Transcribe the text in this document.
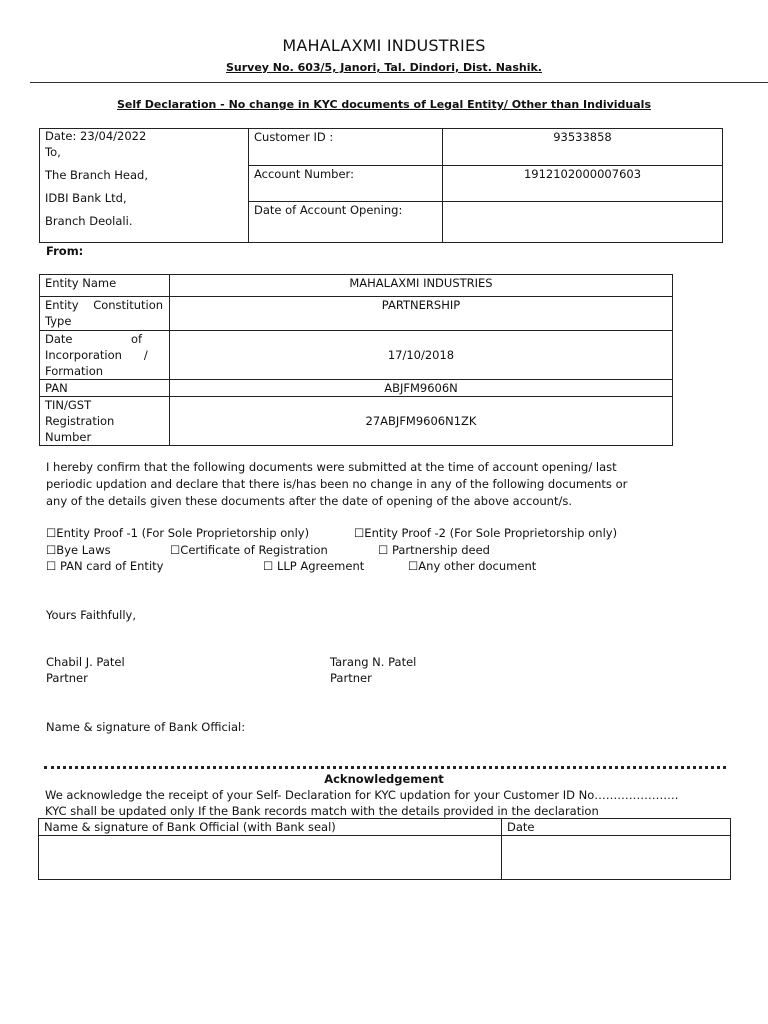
MAHALAXMI INDUSTRIES
Survey No. 603/5, Janori, Tal. Dindori, Dist. Nashik.
Self Declaration - No change in KYC documents of Legal Entity/ Other than Individuals
Date: 23/04/2022
To,
The Branch Head,
IDBI Bank Ltd,
Branch Deolali.	Customer ID :	93533858
	Account Number:	1912102000007603
	Date of Account Opening:	
From:
Entity Name	MAHALAXMI INDUSTRIES
Entity    Constitution
Type	PARTNERSHIP
Date                of
Incorporation      /
Formation	17/10/2018
PAN	ABJFM9606N
TIN/GST
Registration
Number	27ABJFM9606N1ZK
I hereby confirm that the following documents were submitted at the time of account opening/ last
periodic updation and declare that there is/has been no change in any of the following documents or
any of the details given these documents after the date of opening of the above account/s.
☐Entity Proof -1 (For Sole Proprietorship only)	☐Entity Proof -2 (For Sole Proprietorship only)
☐Bye Laws	☐Certificate of Registration	☐ Partnership deed
☐ PAN card of Entity	☐ LLP Agreement	☐Any other document
Yours Faithfully,
Chabil J. Patel
Partner
Tarang N. Patel
Partner
Name & signature of Bank Official:
Acknowledgement
We acknowledge the receipt of your Self- Declaration for KYC updation for your Customer ID No………………….
KYC shall be updated only If the Bank records match with the details provided in the declaration
Name & signature of Bank Official (with Bank seal)	Date
